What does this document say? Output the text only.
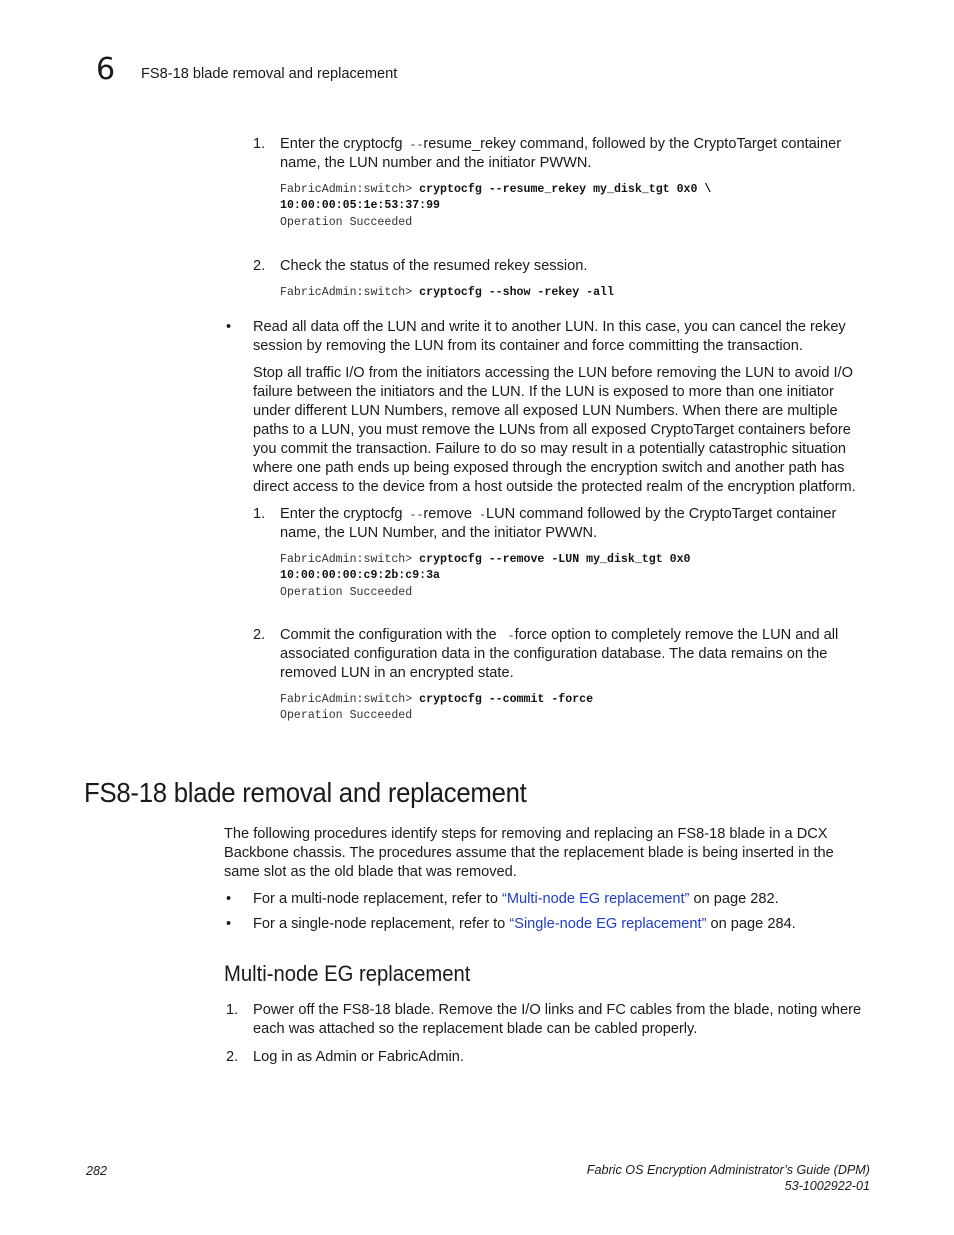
6 FS8-18 blade removal and replacement
1. Enter the cryptocfg --resume_rekey command, followed by the CryptoTarget container
name, the LUN number and the initiator PWWN.
FabricAdmin:switch> cryptocfg --resume_rekey my_disk_tgt 0x0 \
10:00:00:05:1e:53:37:99
Operation Succeeded
2. Check the status of the resumed rekey session.
FabricAdmin:switch> cryptocfg --show -rekey -all
• Read all data off the LUN and write it to another LUN. In this case, you can cancel the rekey
session by removing the LUN from its container and force committing the transaction.
Stop all traffic I/O from the initiators accessing the LUN before removing the LUN to avoid I/O
failure between the initiators and the LUN. If the LUN is exposed to more than one initiator
under different LUN Numbers, remove all exposed LUN Numbers. When there are multiple
paths to a LUN, you must remove the LUNs from all exposed CryptoTarget containers before
you commit the transaction. Failure to do so may result in a potentially catastrophic situation
where one path ends up being exposed through the encryption switch and another path has
direct access to the device from a host outside the protected realm of the encryption platform.
1. Enter the cryptocfg --remove -LUN command followed by the CryptoTarget container
name, the LUN Number, and the initiator PWWN.
FabricAdmin:switch> cryptocfg --remove -LUN my_disk_tgt 0x0
10:00:00:00:c9:2b:c9:3a
Operation Succeeded
2. Commit the configuration with the  -force option to completely remove the LUN and all
associated configuration data in the configuration database. The data remains on the
removed LUN in an encrypted state.
FabricAdmin:switch> cryptocfg --commit -force
Operation Succeeded
FS8-18 blade removal and replacement
The following procedures identify steps for removing and replacing an FS8-18 blade in a DCX
Backbone chassis. The procedures assume that the replacement blade is being inserted in the
same slot as the old blade that was removed.
• For a multi-node replacement, refer to “Multi-node EG replacement” on page 282.
• For a single-node replacement, refer to “Single-node EG replacement” on page 284.
Multi-node EG replacement
1. Power off the FS8-18 blade. Remove the I/O links and FC cables from the blade, noting where
each was attached so the replacement blade can be cabled properly.
2. Log in as Admin or FabricAdmin.
282	Fabric OS Encryption Administrator’s Guide (DPM)
53-1002922-01
